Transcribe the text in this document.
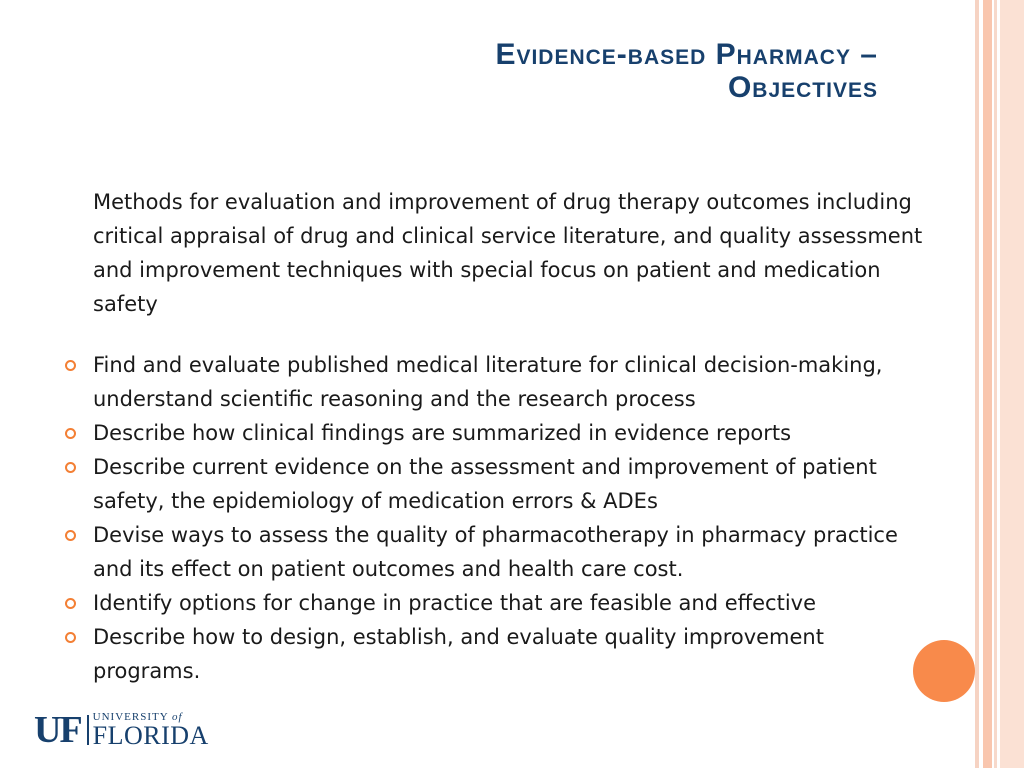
Evidence-based Pharmacy –
Objectives
Methods for evaluation and improvement of drug therapy outcomes including critical appraisal of drug and clinical service literature, and quality assessment and improvement techniques with special focus on patient and medication safety
Find and evaluate published medical literature for clinical decision-making, understand scientific reasoning and the research process
Describe how clinical findings are summarized in evidence reports
Describe current evidence on the assessment and improvement of patient safety, the epidemiology of medication errors & ADEs
Devise ways to assess the quality of pharmacotherapy in pharmacy practice and its effect on patient outcomes and health care cost.
Identify options for change in practice that are feasible and effective
Describe how to design, establish, and evaluate quality improvement programs.
UF UNIVERSITY of
FLORIDA
